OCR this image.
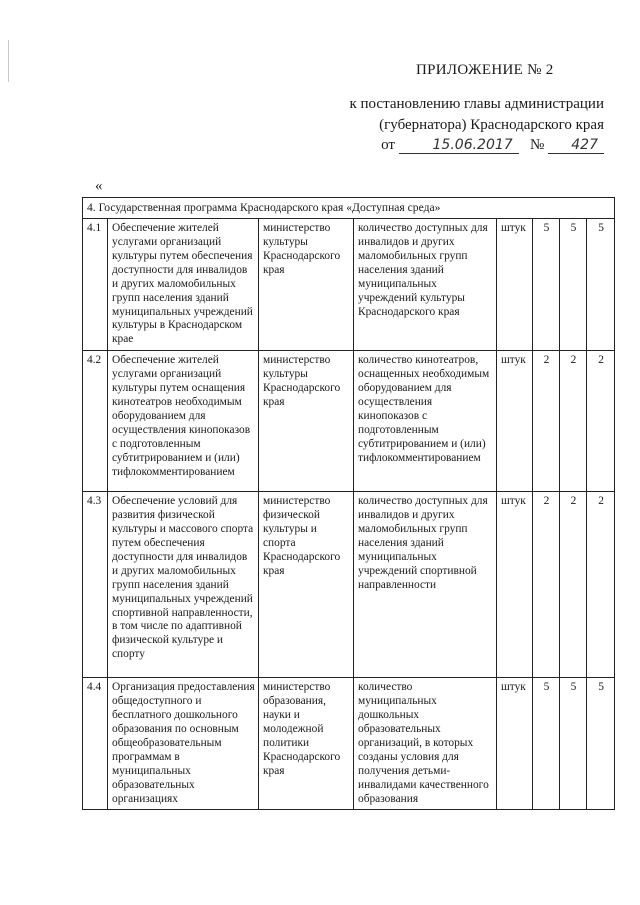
ПРИЛОЖЕНИЕ № 2
к постановлению главы администрации
(губернатора) Краснодарского края
от	15.06.2017 № 427
«
4. Государственная программа Краснодарского края «Доступная среда»							
4.1	Обеспечение жителей услугами организаций культуры путем обеспечения доступности для инвалидов и других маломобильных групп населения зданий муниципальных учреждений культуры в Краснодарском крае	министерство культуры Краснодарского края	количество доступных для инвалидов и других маломобильных групп населения зданий муниципальных учреждений культуры Краснодарского края	штук	5	5	5
4.2	Обеспечение жителей услугами организаций культуры путем оснащения кинотеатров необходимым оборудованием для осуществления кинопоказов с подготовленным субтитрированием и (или) тифлокомментированием	министерство культуры Краснодарского края	количество кинотеатров, оснащенных необходимым оборудованием для осуществления кинопоказов с подготовленным субтитрированием и (или) тифлокомментированием	штук	2	2	2
4.3	Обеспечение условий для развития физической культуры и массового спорта путем обеспечения доступности для инвалидов и других маломобильных групп населения зданий муниципальных учреждений спортивной направленности, в том числе по адаптивной физической культуре и спорту	министерство физической культуры и спорта Краснодарского края	количество доступных для инвалидов и других маломобильных групп населения зданий муниципальных учреждений спортивной направленности	штук	2	2	2
4.4	Организация предоставления общедоступного и бесплатного дошкольного образования по основным общеобразовательным программам в муниципальных образовательных организациях	министерство образования, науки и молодежной политики Краснодарского края	количество муниципальных дошкольных образовательных организаций, в которых созданы условия для получения детьми-инвалидами качественного образования	штук	5	5	5
